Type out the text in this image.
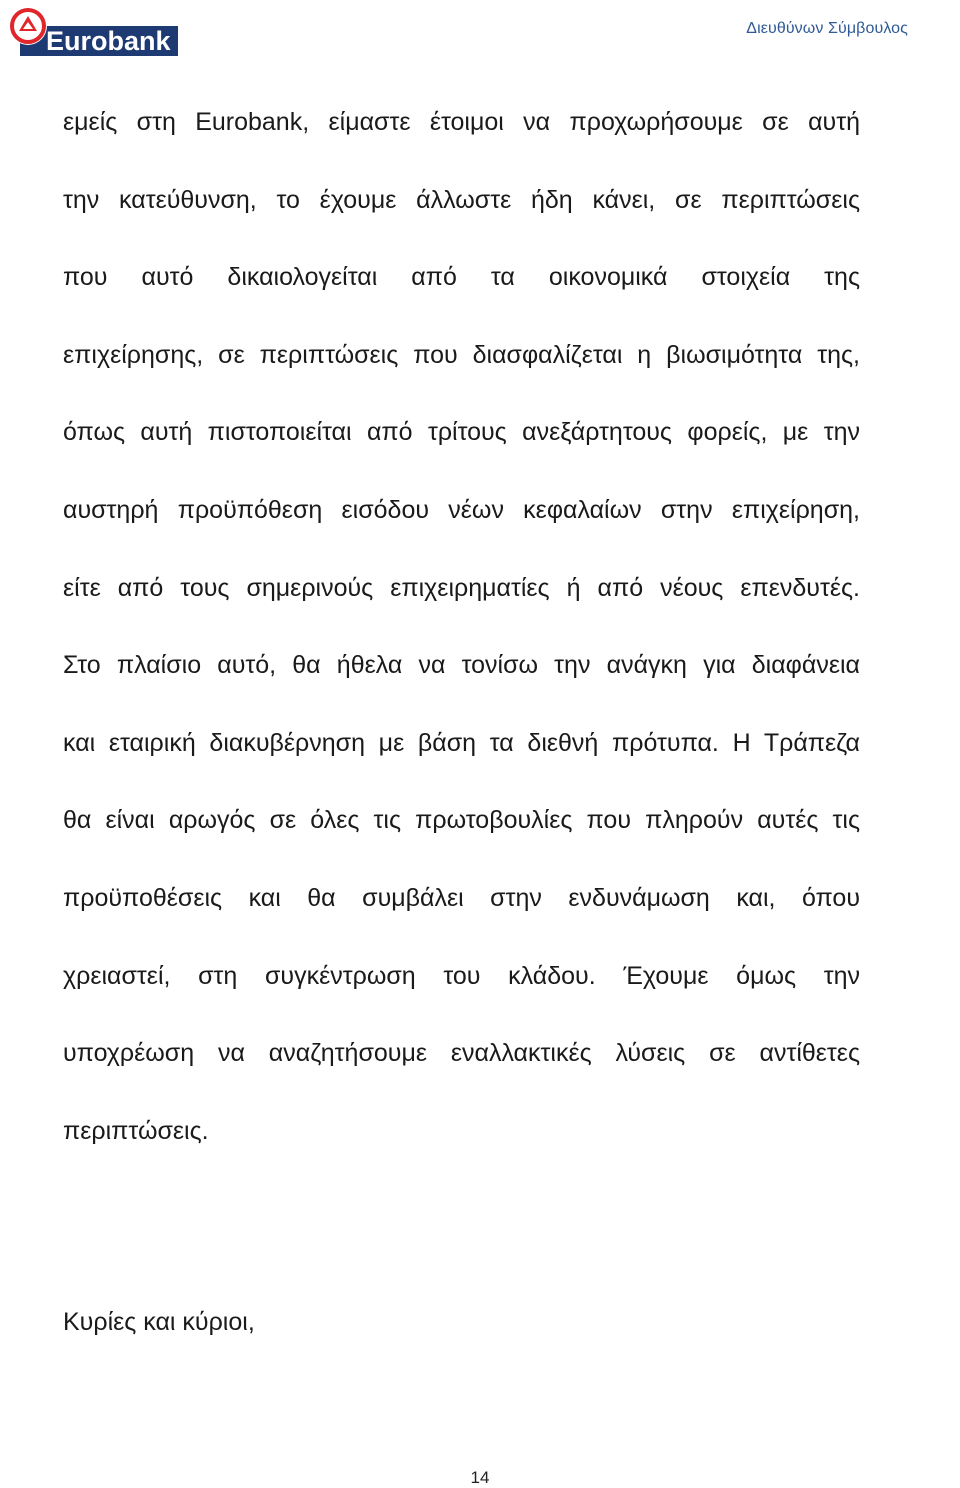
Eurobank	Διευθύνων Σύμβουλος
εμείς στη Eurobank, είμαστε έτοιμοι να προχωρήσουμε σε αυτή
την κατεύθυνση, το έχουμε άλλωστε ήδη κάνει, σε περιπτώσεις
που αυτό δικαιολογείται από τα οικονομικά στοιχεία της
επιχείρησης, σε περιπτώσεις που διασφαλίζεται η βιωσιμότητα της,
όπως αυτή πιστοποιείται από τρίτους ανεξάρτητους φορείς, με την
αυστηρή προϋπόθεση εισόδου νέων κεφαλαίων στην επιχείρηση,
είτε από τους σημερινούς επιχειρηματίες ή από νέους επενδυτές.
Στο πλαίσιο αυτό, θα ήθελα να τονίσω την ανάγκη για διαφάνεια
και εταιρική διακυβέρνηση με βάση τα διεθνή πρότυπα. Η Τράπεζα
θα είναι αρωγός σε όλες τις πρωτοβουλίες που πληρούν αυτές τις
προϋποθέσεις και θα συμβάλει στην ενδυνάμωση και, όπου
χρειαστεί, στη συγκέντρωση του κλάδου. Έχουμε όμως την
υποχρέωση να αναζητήσουμε εναλλακτικές λύσεις σε αντίθετες
περιπτώσεις.
Κυρίες και κύριοι,
14
